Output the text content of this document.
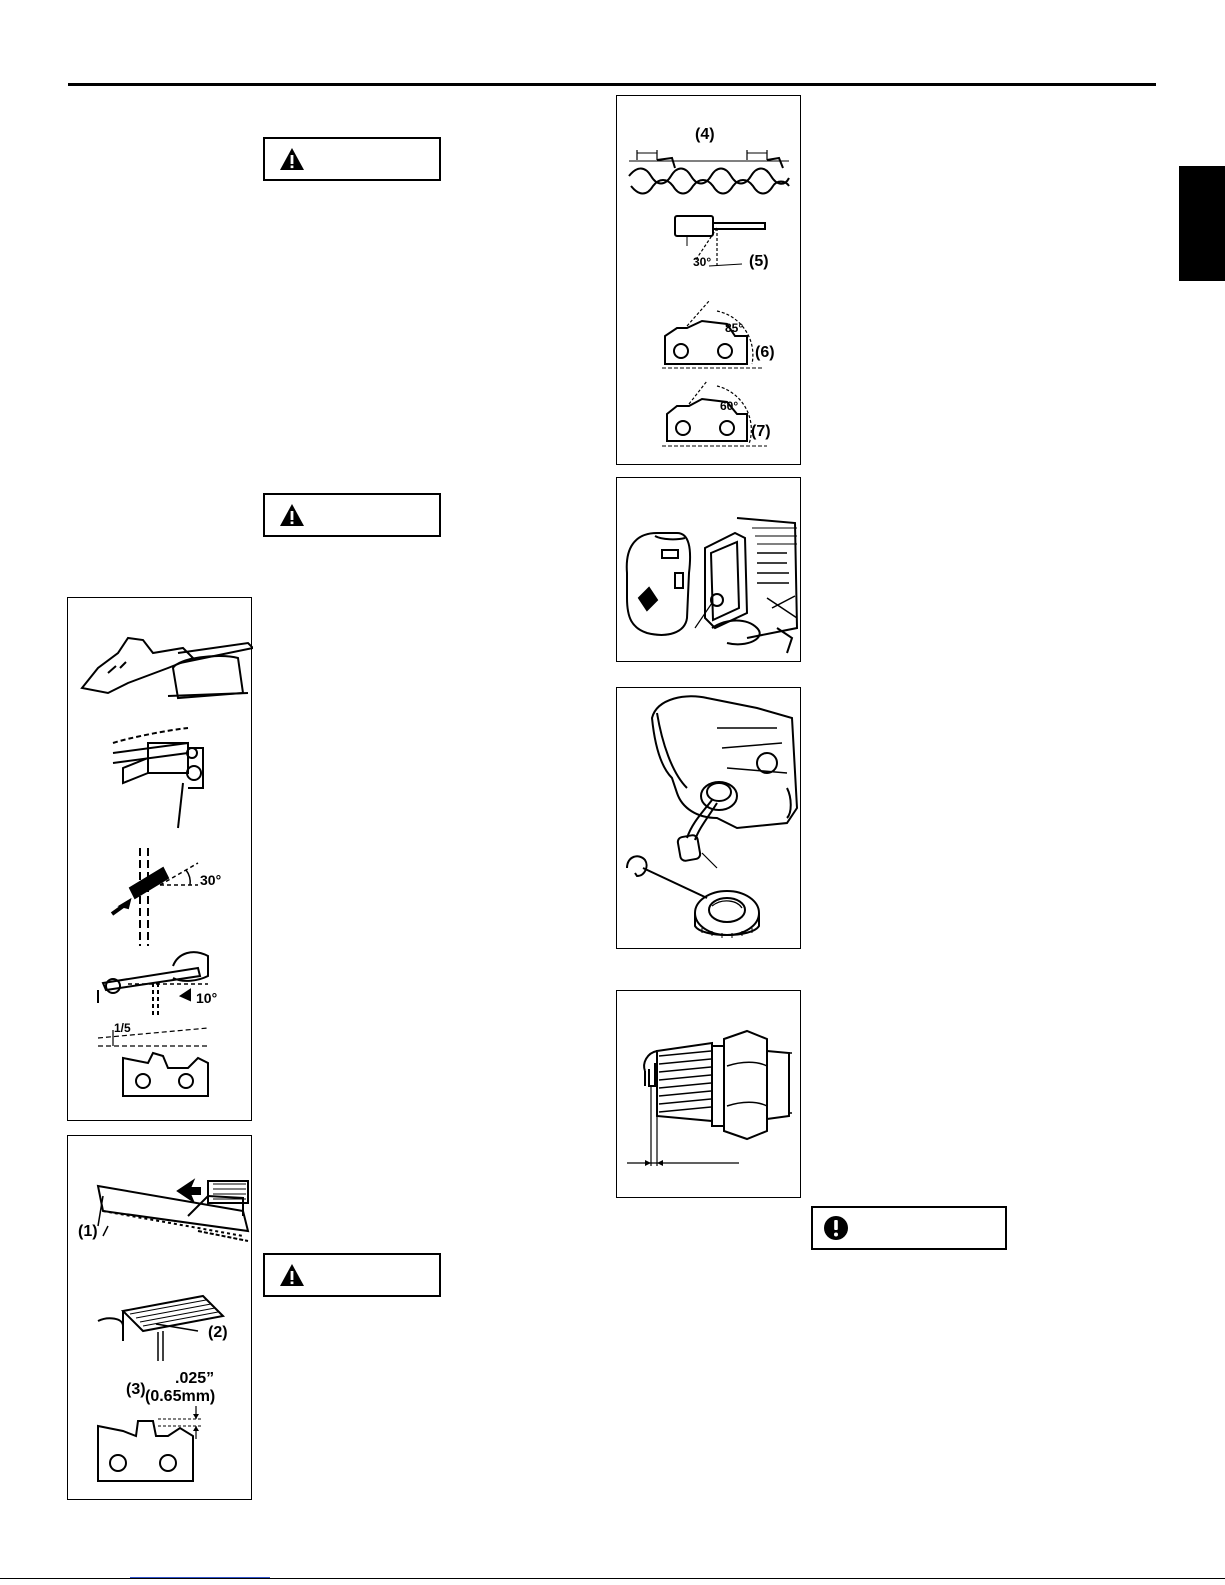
30°
10°
1/5
(1)
(2)
(3)
.025”
(0.65mm)
(4)
30° (5)
85°
(6)
60°
(7)
